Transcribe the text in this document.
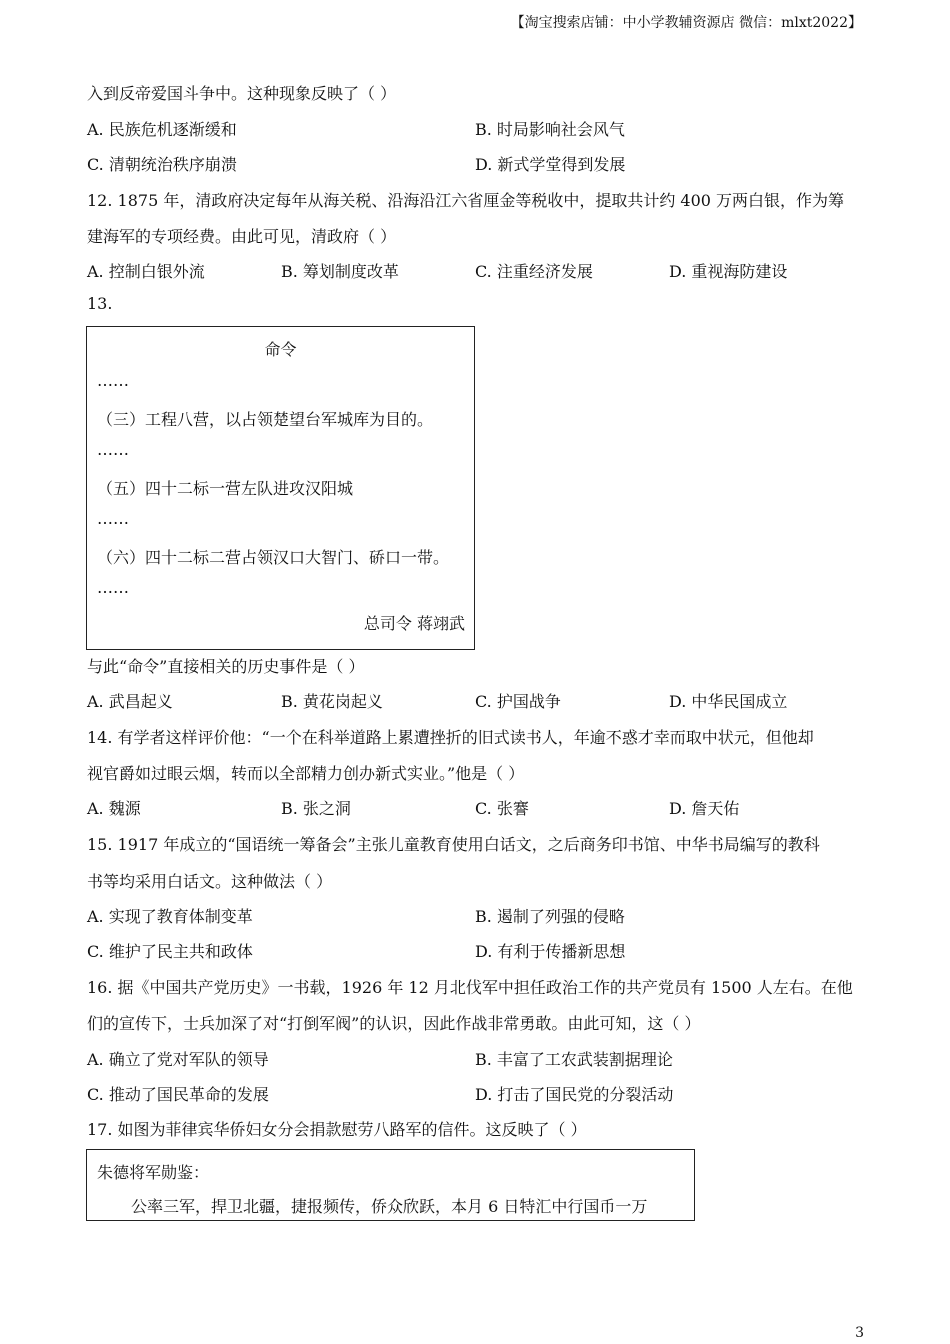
【淘宝搜索店铺：中小学教辅资源店 微信：mlxt2022】
入到反帝爱国斗争中。这种现象反映了（ ）
A. 民族危机逐渐缓和	B. 时局影响社会风气
C. 清朝统治秩序崩溃	D. 新式学堂得到发展
12. 1875 年，清政府决定每年从海关税、沿海沿江六省厘金等税收中，提取共计约 400 万两白银，作为筹
建海军的专项经费。由此可见，清政府（ ）
A. 控制白银外流	B. 筹划制度改革	C. 注重经济发展	D. 重视海防建设
13.
命令
……
（三）工程八营，以占领楚望台军城库为目的。
……
（五）四十二标一营左队进攻汉阳城
……
（六）四十二标二营占领汉口大智门、硚口一带。
……
总司令 蒋翊武
与此“命令”直接相关的历史事件是（ ）
A. 武昌起义	B. 黄花岗起义	C. 护国战争	D. 中华民国成立
14. 有学者这样评价他：“一个在科举道路上累遭挫折的旧式读书人，年逾不惑才幸而取中状元，但他却
视官爵如过眼云烟，转而以全部精力创办新式实业。”他是（ ）
A. 魏源	B. 张之洞	C. 张謇	D. 詹天佑
15. 1917 年成立的“国语统一筹备会”主张儿童教育使用白话文，之后商务印书馆、中华书局编写的教科
书等均采用白话文。这种做法（ ）
A. 实现了教育体制变革	B. 遏制了列强的侵略
C. 维护了民主共和政体	D. 有利于传播新思想
16. 据《中国共产党历史》一书载，1926 年 12 月北伐军中担任政治工作的共产党员有 1500 人左右。在他
们的宣传下，士兵加深了对“打倒军阀”的认识，因此作战非常勇敢。由此可知，这（ ）
A. 确立了党对军队的领导	B. 丰富了工农武装割据理论
C. 推动了国民革命的发展	D. 打击了国民党的分裂活动
17. 如图为菲律宾华侨妇女分会捐款慰劳八路军的信件。这反映了（ ）
朱德将军勋鉴：
公率三军，捍卫北疆，捷报频传，侨众欣跃，本月 6 日特汇中行国币一万
3
